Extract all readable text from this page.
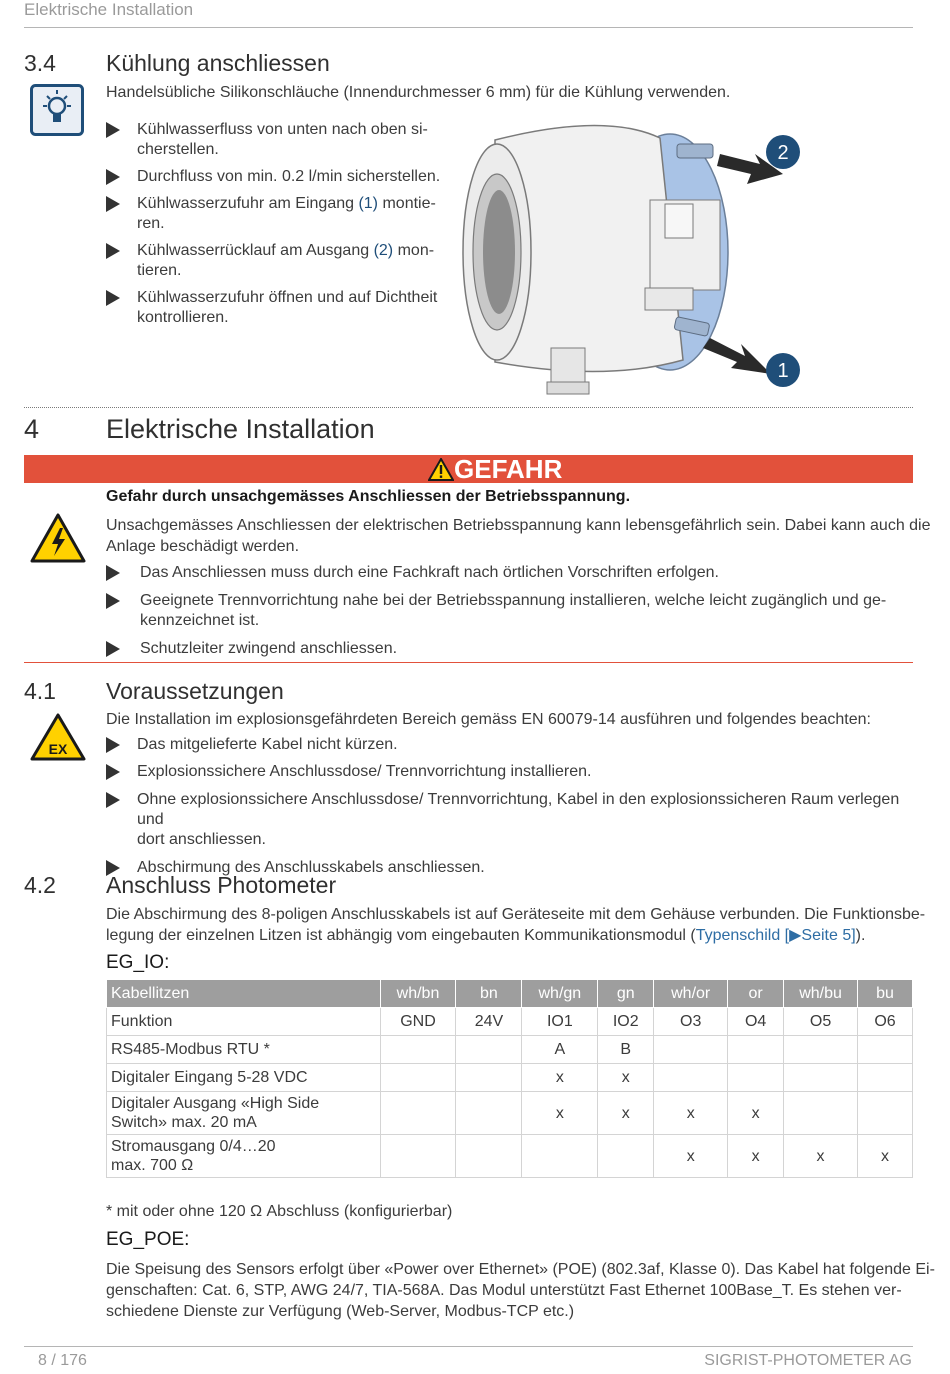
Elektrische Installation
3.4 Kühlung anschliessen
Handelsübliche Silikonschläuche (Innendurchmesser 6 mm) für die Kühlung verwenden.
Kühlwasserfluss von unten nach oben si-
cherstellen.
Durchfluss von min. 0.2 l/min sicherstellen.
Kühlwasserzufuhr am Eingang (1) montie-
ren.
Kühlwasserrücklauf am Ausgang (2) mon-
tieren.
Kühlwasserzufuhr öffnen und auf Dichtheit
kontrollieren.
2
1
4 Elektrische Installation
GEFAHR
Gefahr durch unsachgemässes Anschliessen der Betriebsspannung.
Unsachgemässes Anschliessen der elektrischen Betriebsspannung kann lebensgefährlich sein. Dabei kann auch die
Anlage beschädigt werden.
Das Anschliessen muss durch eine Fachkraft nach örtlichen Vorschriften erfolgen.
Geeignete Trennvorrichtung nahe bei der Betriebsspannung installieren, welche leicht zugänglich und ge-
kennzeichnet ist.
Schutzleiter zwingend anschliessen.
4.1 Voraussetzungen
Die Installation im explosionsgefährdeten Bereich gemäss EN 60079-14 ausführen und folgendes beachten:
EX	Das mitgelieferte Kabel nicht kürzen.
Explosionssichere Anschlussdose/ Trennvorrichtung installieren.
Ohne explosionssichere Anschlussdose/ Trennvorrichtung, Kabel in den explosionssicheren Raum verlegen und
dort anschliessen.
Abschirmung des Anschlusskabels anschliessen.
4.2 Anschluss Photometer
Die Abschirmung des 8-poligen Anschlusskabels ist auf Geräteseite mit dem Gehäuse verbunden. Die Funktionsbe-
legung der einzelnen Litzen ist abhängig vom eingebauten Kommunikationsmodul (Typenschild [▶Seite 5]).
EG_IO:
Kabellitzen	wh/bn	bn	wh/gn	gn	wh/or	or	wh/bu	bu
Funktion	GND	24V	IO1	IO2	O3	O4	O5	O6
RS485-Modbus RTU *			A	B				
Digitaler Eingang 5-28 VDC			x	x				
Digitaler Ausgang «High Side
Switch» max. 20 mA			x	x	x	x		
Stromausgang 0/4…20
max. 700 Ω					x	x	x	x
* mit oder ohne 120 Ω Abschluss (konfigurierbar)
EG_POE:
Die Speisung des Sensors erfolgt über «Power over Ethernet» (POE) (802.3af, Klasse 0). Das Kabel hat folgende Ei-
genschaften: Cat. 6, STP, AWG 24/7, TIA-568A. Das Modul unterstützt Fast Ethernet 100Base_T. Es stehen ver-
schiedene Dienste zur Verfügung (Web-Server, Modbus-TCP etc.)
8 / 176	SIGRIST-PHOTOMETER AG
